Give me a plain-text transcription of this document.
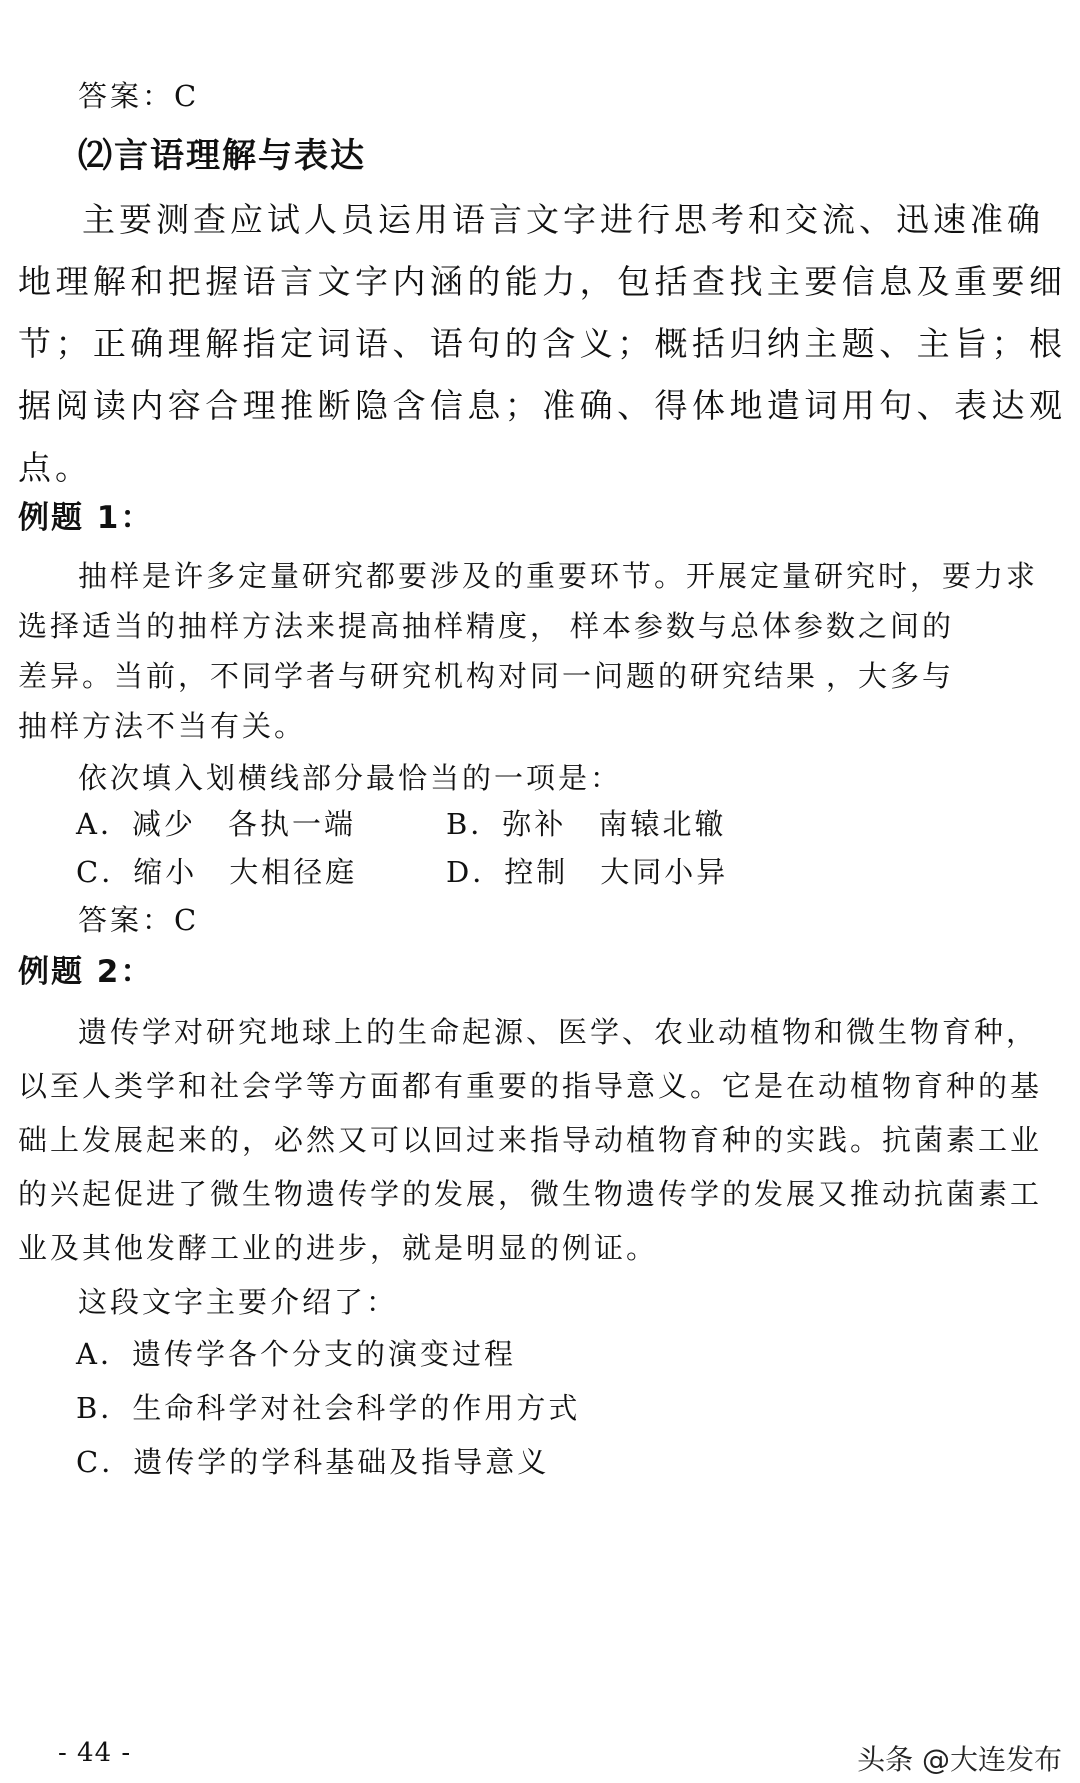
答案：C
⑵言语理解与表达
主要测查应试人员运用语言文字进行思考和交流、迅速准确
地理解和把握语言文字内涵的能力，包括查找主要信息及重要细
节；正确理解指定词语、语句的含义；概括归纳主题、主旨；根
据阅读内容合理推断隐含信息；准确、得体地遣词用句、表达观
点。
例题 1：
抽样是许多定量研究都要涉及的重要环节。开展定量研究时，要力求
选择适当的抽样方法来提高抽样精度， 样本参数与总体参数之间的
差异。当前，不同学者与研究机构对同一问题的研究结果 ，大多与
抽样方法不当有关。
依次填入划横线部分最恰当的一项是：
A．减少　各执一端	B．弥补　南辕北辙
C．缩小　大相径庭	D．控制　大同小异
答案：C
例题 2：
遗传学对研究地球上的生命起源、医学、农业动植物和微生物育种，
以至人类学和社会学等方面都有重要的指导意义。它是在动植物育种的基
础上发展起来的，必然又可以回过来指导动植物育种的实践。抗菌素工业
的兴起促进了微生物遗传学的发展，微生物遗传学的发展又推动抗菌素工
业及其他发酵工业的进步，就是明显的例证。
这段文字主要介绍了：
A．遗传学各个分支的演变过程
B．生命科学对社会科学的作用方式
C．遗传学的学科基础及指导意义
- 44 -	头条 @大连发布
